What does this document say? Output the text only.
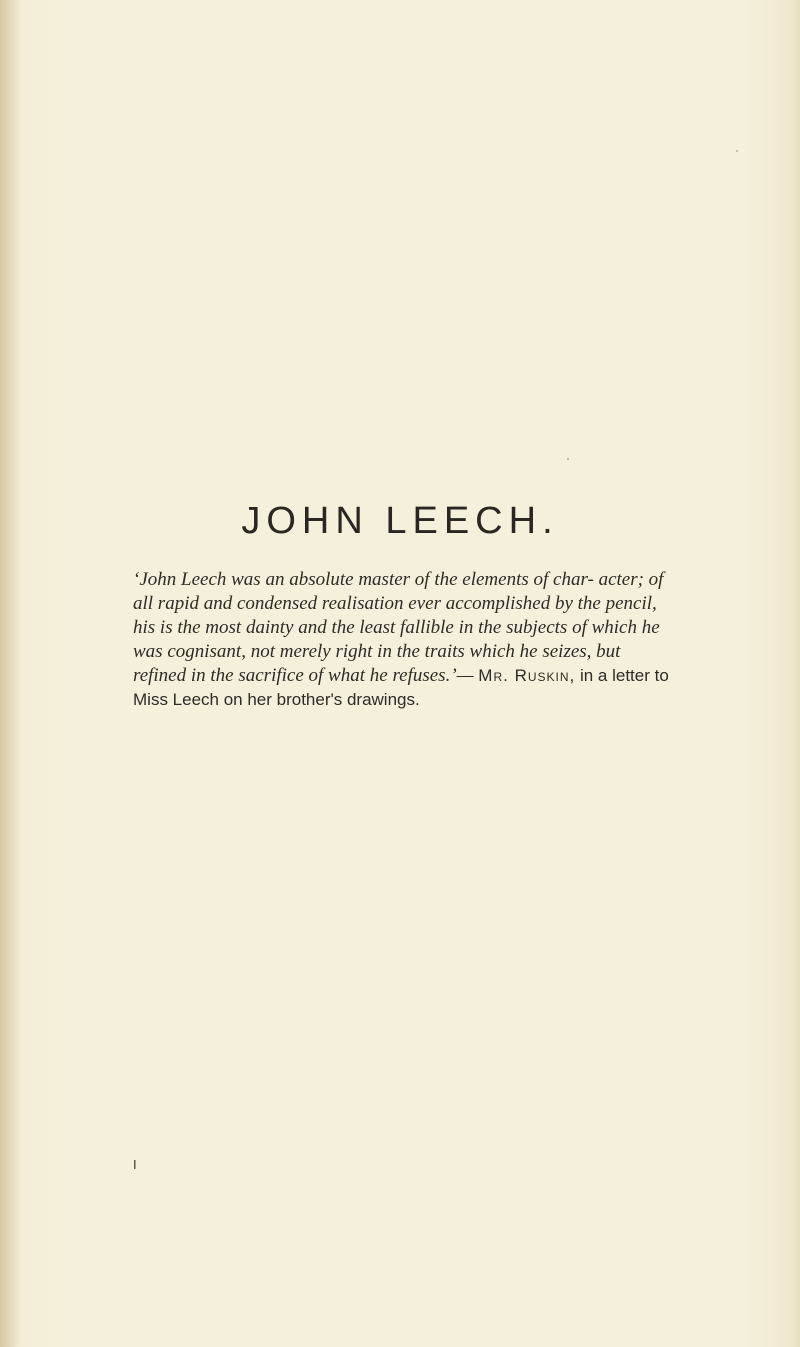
JOHN LEECH.

‘John Leech was an absolute master of the elements of char- acter; of all rapid and condensed realisation ever accomplished by the pencil, his is the most dainty and the least fallible in the subjects of which he was cognisant, not merely right in the traits which he seizes, but refined in the sacrifice of what he refuses.’— Mr. Ruskin, in a letter to Miss Leech on her brother's drawings.

I
